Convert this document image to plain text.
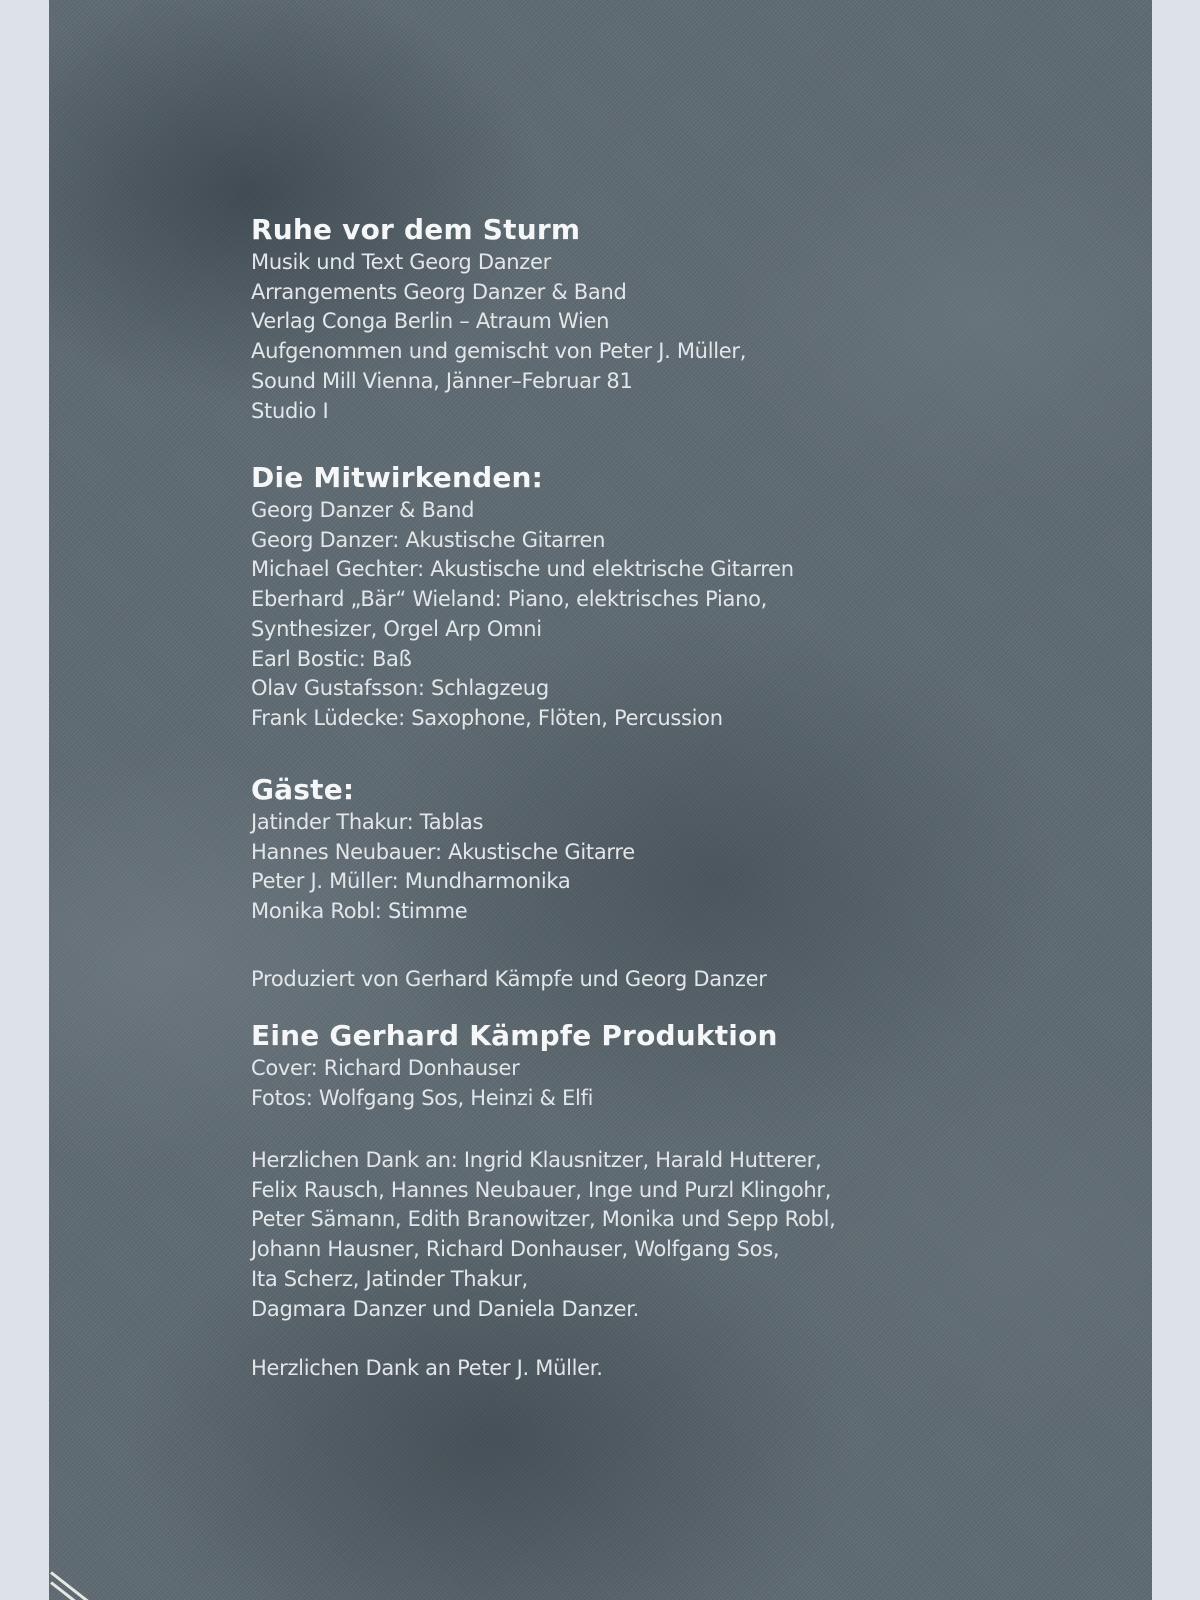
Ruhe vor dem Sturm
Musik und Text Georg Danzer
Arrangements Georg Danzer & Band
Verlag Conga Berlin – Atraum Wien
Aufgenommen und gemischt von Peter J. Müller,
Sound Mill Vienna, Jänner–Februar 81
Studio I
Die Mitwirkenden:
Georg Danzer & Band
Georg Danzer: Akustische Gitarren
Michael Gechter: Akustische und elektrische Gitarren
Eberhard „Bär“ Wieland: Piano, elektrisches Piano,
Synthesizer, Orgel Arp Omni
Earl Bostic: Baß
Olav Gustafsson: Schlagzeug
Frank Lüdecke: Saxophone, Flöten, Percussion
Gäste:
Jatinder Thakur: Tablas
Hannes Neubauer: Akustische Gitarre
Peter J. Müller: Mundharmonika
Monika Robl: Stimme
Produziert von Gerhard Kämpfe und Georg Danzer
Eine Gerhard Kämpfe Produktion
Cover: Richard Donhauser
Fotos: Wolfgang Sos, Heinzi & Elfi
Herzlichen Dank an: Ingrid Klausnitzer, Harald Hutterer,
Felix Rausch, Hannes Neubauer, Inge und Purzl Klingohr,
Peter Sämann, Edith Branowitzer, Monika und Sepp Robl,
Johann Hausner, Richard Donhauser, Wolfgang Sos,
Ita Scherz, Jatinder Thakur,
Dagmara Danzer und Daniela Danzer.
Herzlichen Dank an Peter J. Müller.
